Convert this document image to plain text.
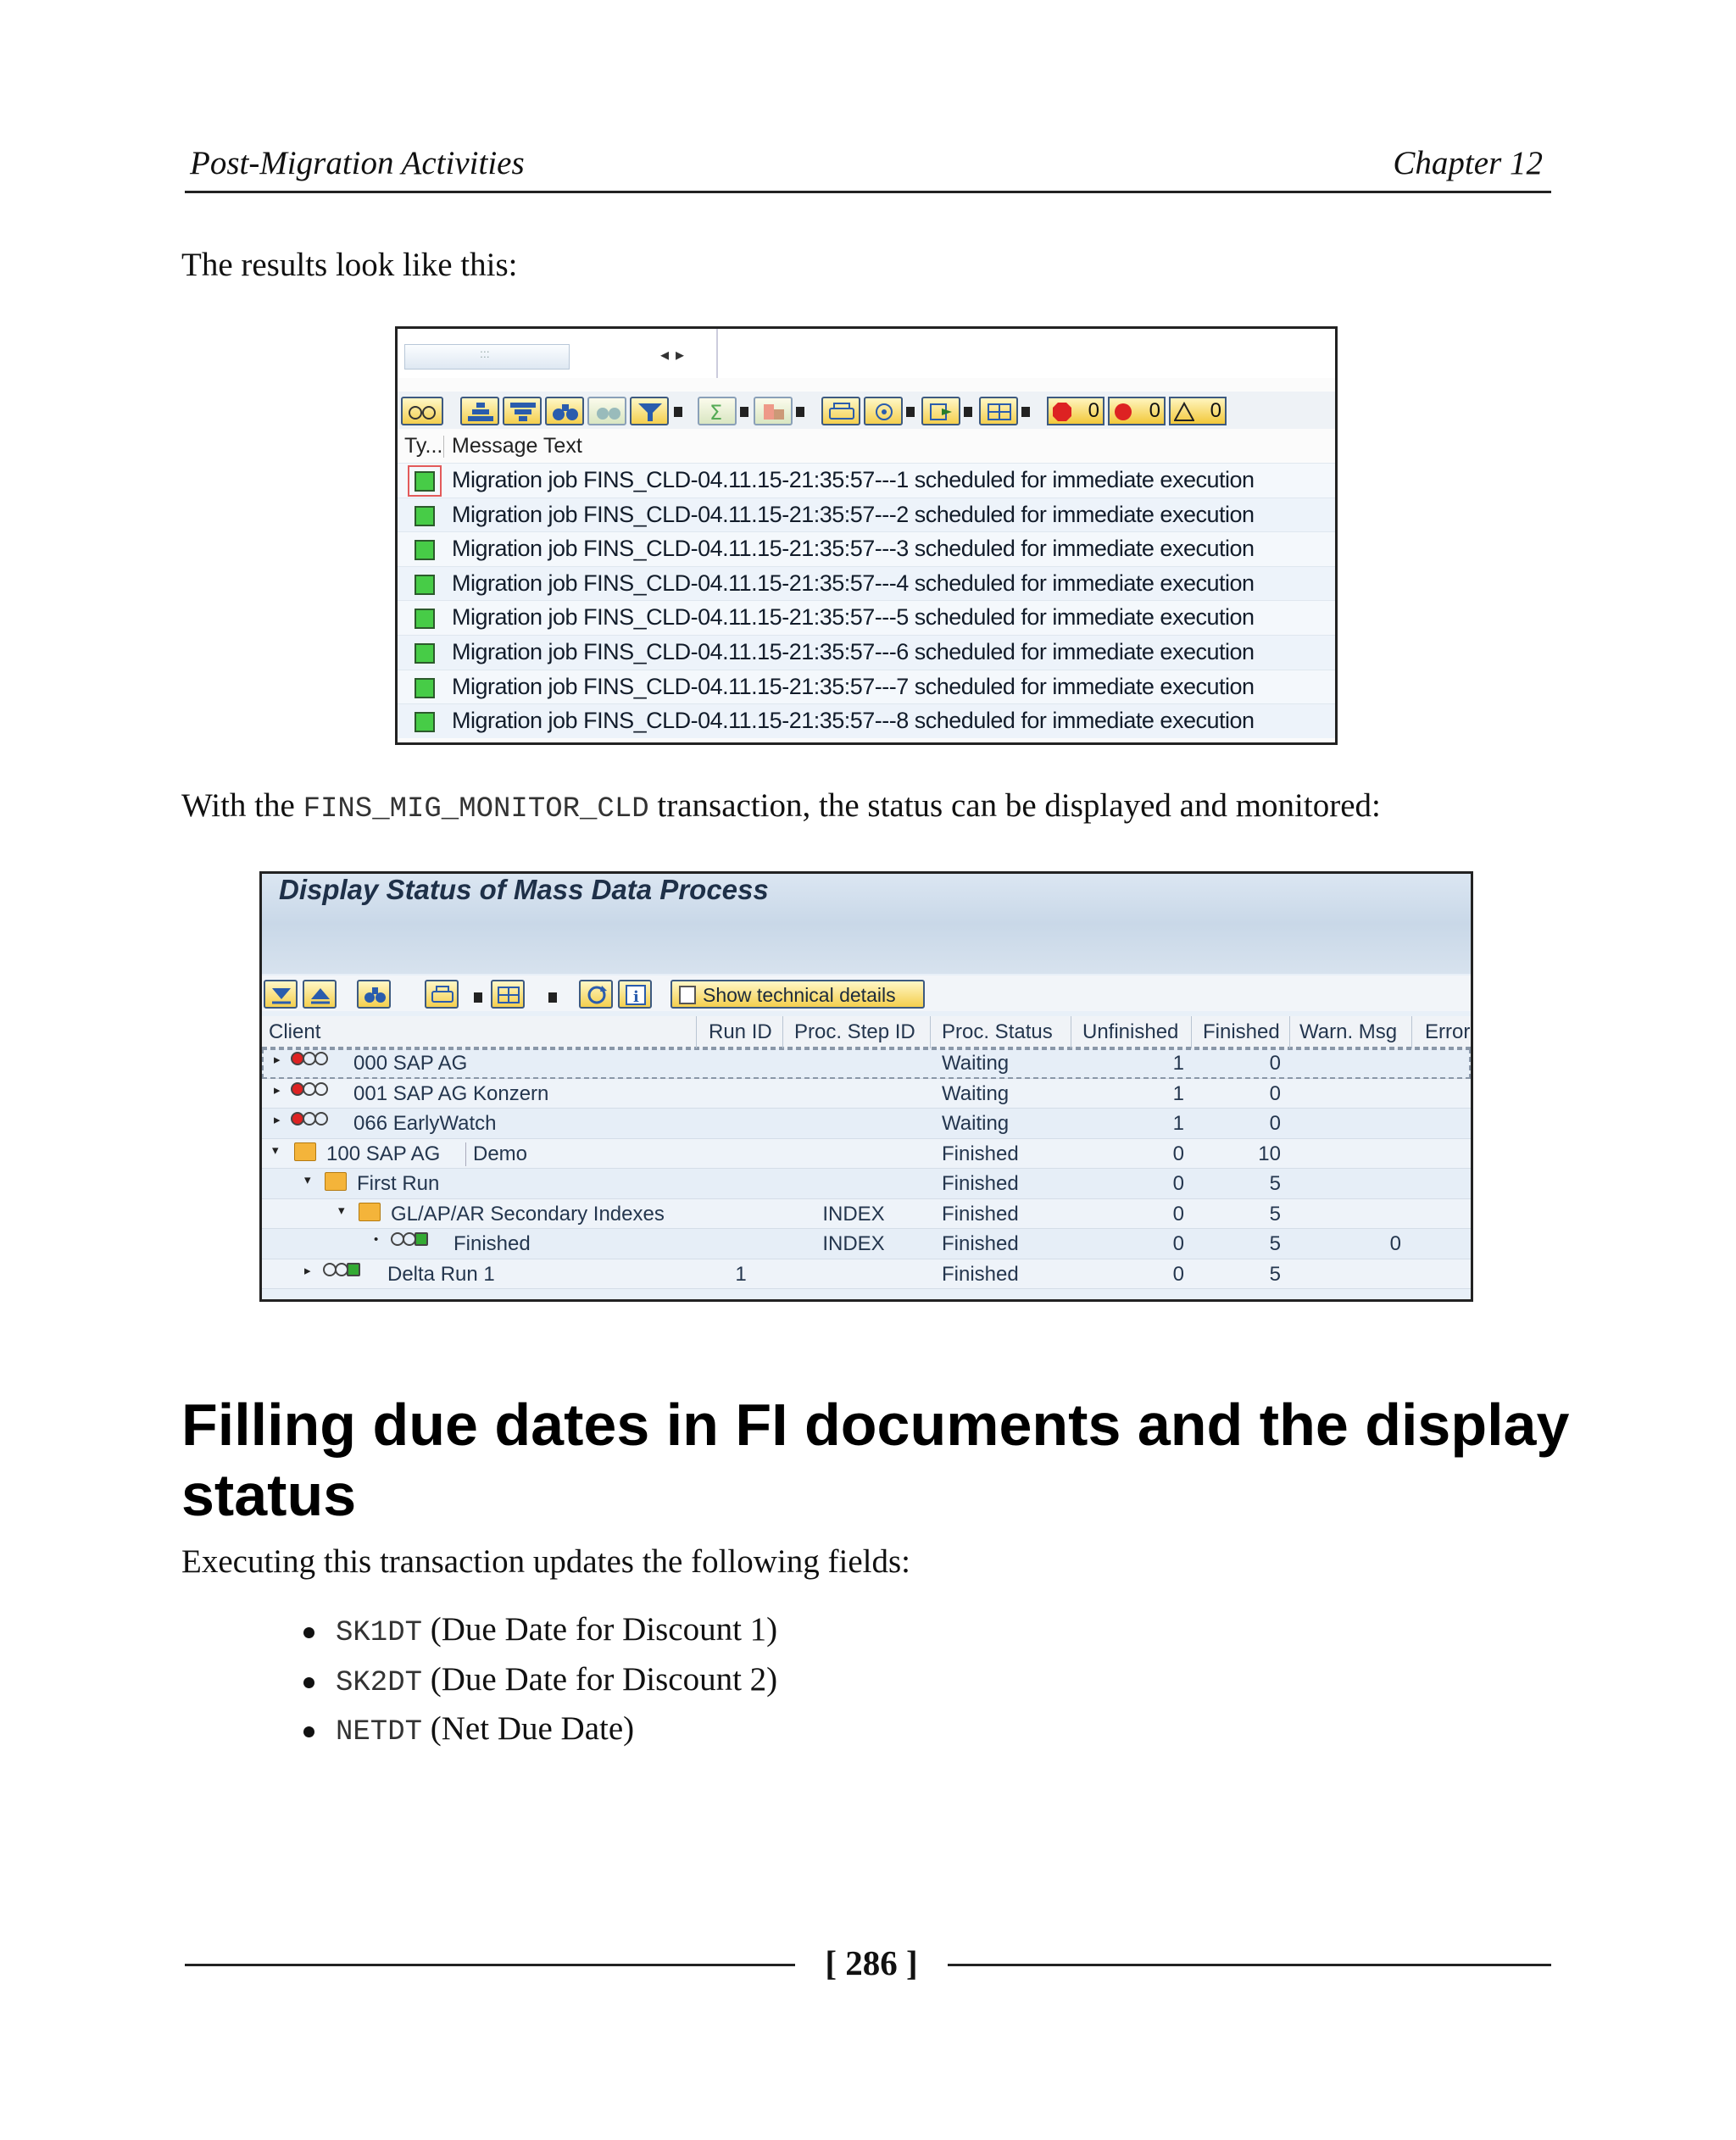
Post-Migration Activities	Chapter 12

The results look like this:

:::	◂▸
Σ	0 0 0
Ty... Message Text
Migration job FINS_CLD-04.11.15-21:35:57---1 scheduled for immediate execution
Migration job FINS_CLD-04.11.15-21:35:57---2 scheduled for immediate execution
Migration job FINS_CLD-04.11.15-21:35:57---3 scheduled for immediate execution
Migration job FINS_CLD-04.11.15-21:35:57---4 scheduled for immediate execution
Migration job FINS_CLD-04.11.15-21:35:57---5 scheduled for immediate execution
Migration job FINS_CLD-04.11.15-21:35:57---6 scheduled for immediate execution
Migration job FINS_CLD-04.11.15-21:35:57---7 scheduled for immediate execution
Migration job FINS_CLD-04.11.15-21:35:57---8 scheduled for immediate execution

With the FINS_MIG_MONITOR_CLD transaction, the status can be displayed and monitored:

Display Status of Mass Data Process
i	Show technical details
Client	Run ID Proc. Step ID Proc. Status Unfinished Finished Warn. Msg Error
▸	000 SAP AG	Waiting	1	0
▸	001 SAP AG Konzern	Waiting	1	0
▸	066 EarlyWatch	Waiting	1	0
▾ 100 SAP AG	Demo	Finished	0	10
▾ First Run	Finished	0	5
▾ GL/AP/AR Secondary Indexes	INDEX	Finished	0	5
•	Finished	INDEX	Finished	0	5	0
▸	Delta Run 1	1	Finished	0	5
Filling due dates in FI documents and the display status

Executing this transaction updates the following fields:

SK1DT (Due Date for Discount 1)
SK2DT (Due Date for Discount 2)
NETDT (Net Due Date)
[ 286 ]
